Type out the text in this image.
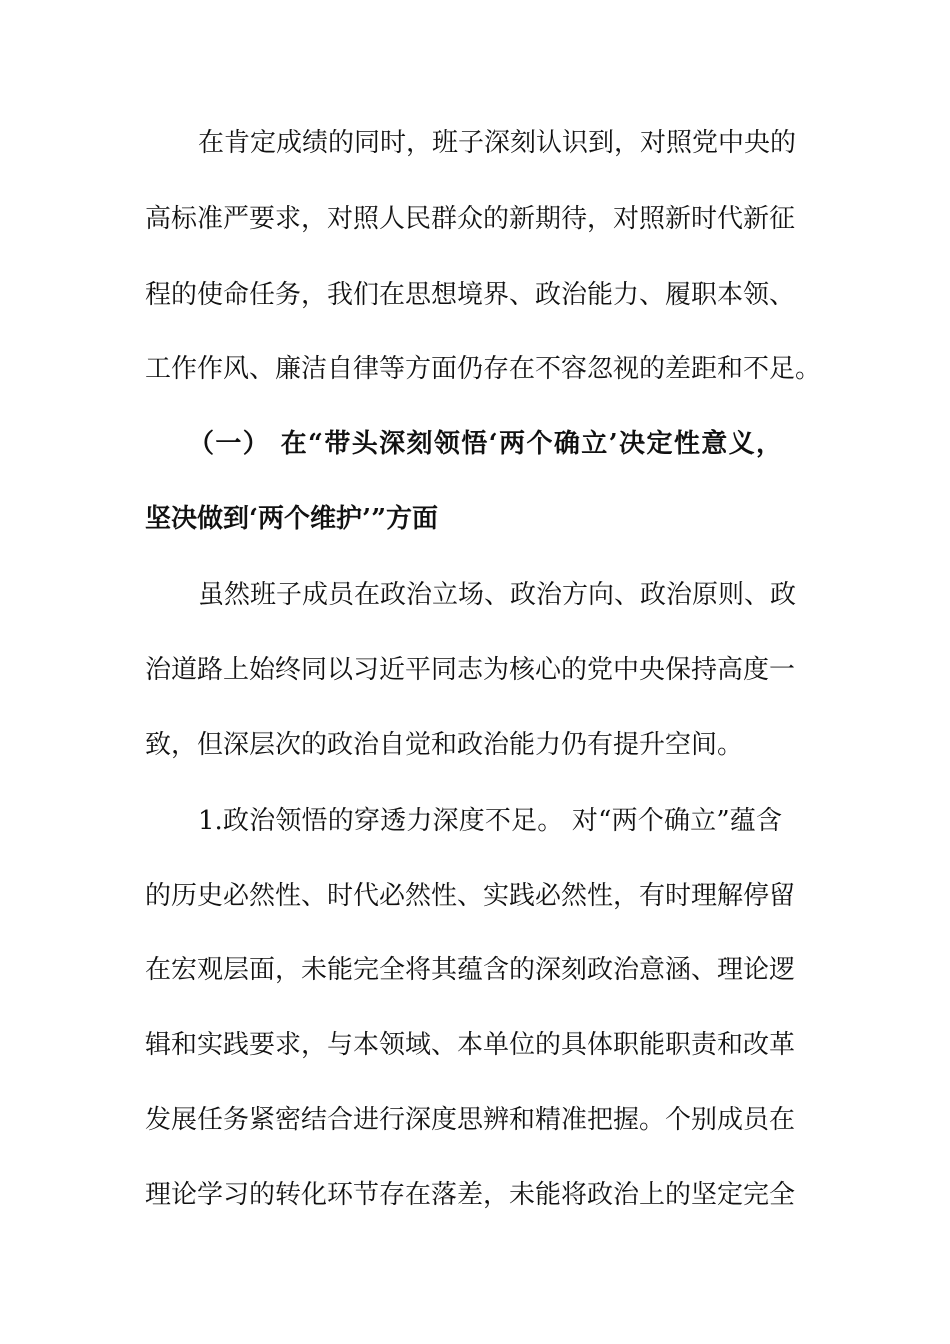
在肯定成绩的同时，班子深刻认识到，对照党中央的
高标准严要求，对照人民群众的新期待，对照新时代新征
程的使命任务，我们在思想境界、政治能力、履职本领、
工作作风、廉洁自律等方面仍存在不容忽视的差距和不足。
（一） 在“带头深刻领悟‘两个确立’决定性意义，
坚决做到‘两个维护’”方面
虽然班子成员在政治立场、政治方向、政治原则、政
治道路上始终同以习近平同志为核心的党中央保持高度一
致，但深层次的政治自觉和政治能力仍有提升空间。
1.政治领悟的穿透力深度不足。 对“两个确立”蕴含
的历史必然性、时代必然性、实践必然性，有时理解停留
在宏观层面，未能完全将其蕴含的深刻政治意涵、理论逻
辑和实践要求，与本领域、本单位的具体职能职责和改革
发展任务紧密结合进行深度思辨和精准把握。个别成员在
理论学习的转化环节存在落差，未能将政治上的坚定完全
